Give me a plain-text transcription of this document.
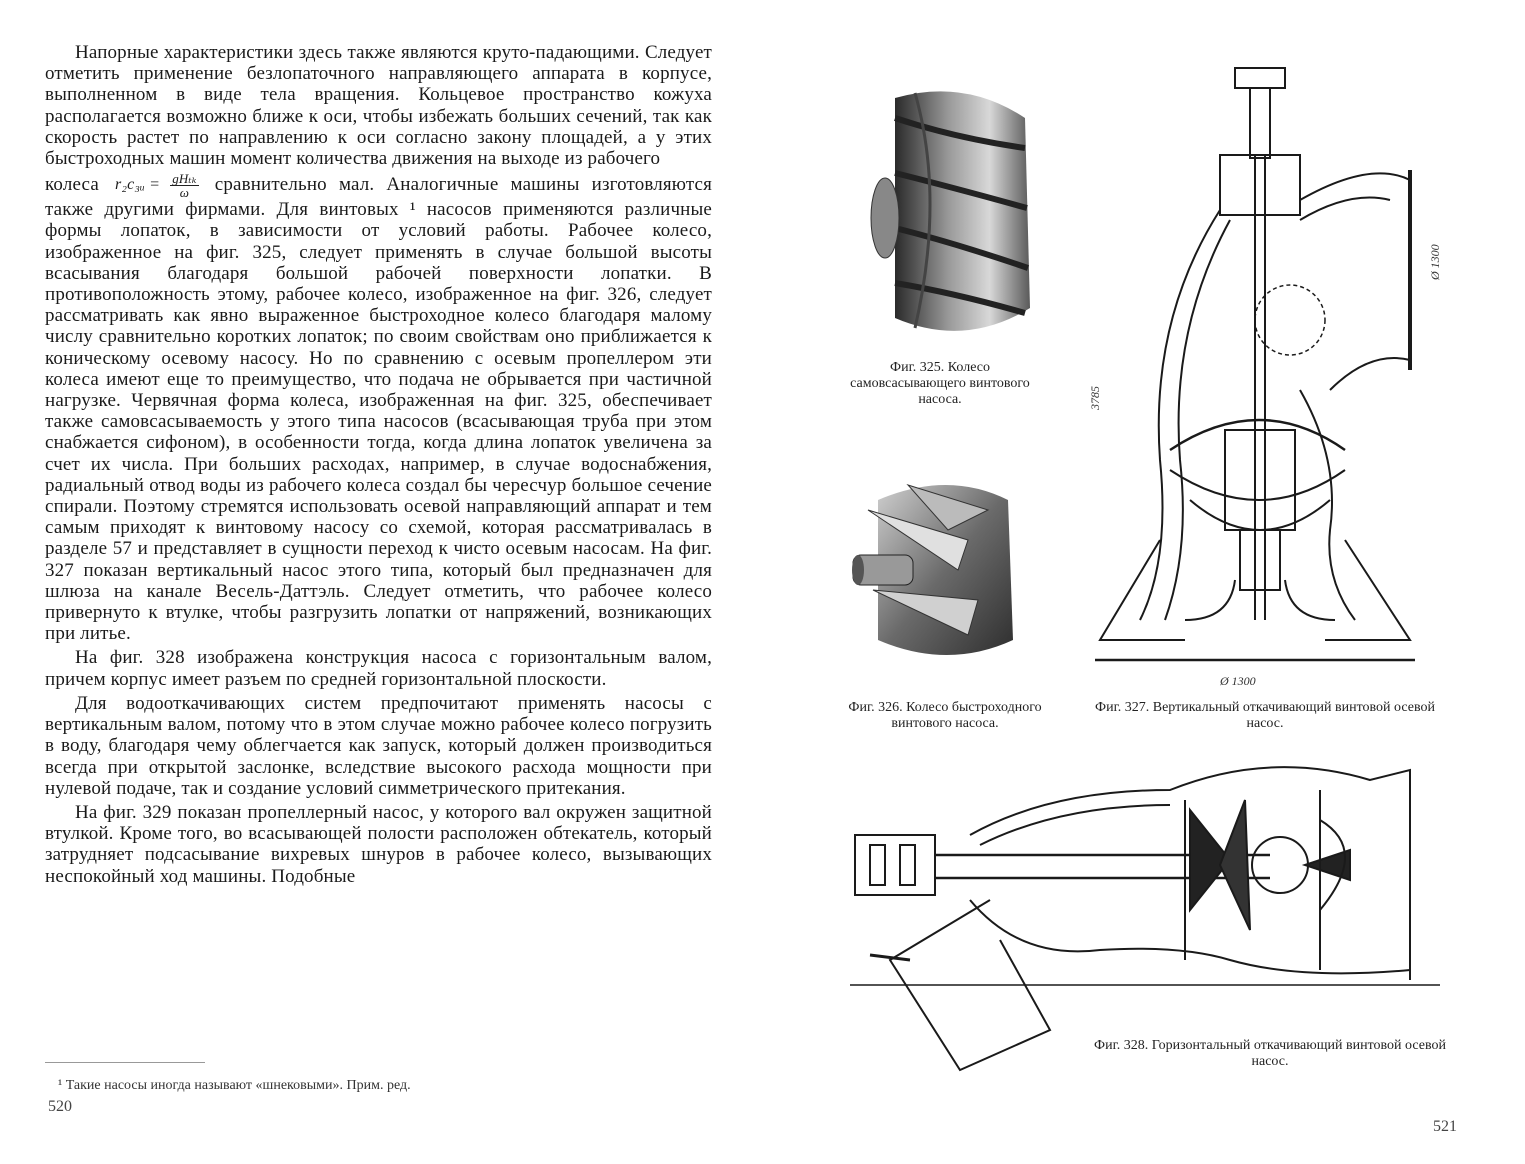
Напорные характеристики здесь также являются круто-падающими. Следует отметить применение безлопаточного направляющего аппарата в корпусе, выполненном в виде тела вращения. Кольцевое пространство кожуха располагается возможно ближе к оси, чтобы избежать больших сечений, так как скорость растет по направлению к оси согласно закону площадей, а у этих быстроходных машин момент количества движения на выходе из рабочего

колеса r₂c₃ᵤ = $\frac{\text{gHₜₖ}}{\omega}$ сравнительно мал. Аналогичные машины изготовляются также другими фирмами. Для винтовых ¹ насосов применяются различные формы лопаток, в зависимости от условий работы. Рабочее колесо, изображенное на фиг. 325, следует применять в случае большой высоты всасывания благодаря большой рабочей поверхности лопатки. В противоположность этому, рабочее колесо, изображенное на фиг. 326, следует рассматривать как явно выраженное быстроходное колесо благодаря малому числу сравнительно коротких лопаток; по своим свойствам оно приближается к коническому осевому насосу. Но по сравнению с осевым пропеллером эти колеса имеют еще то преимущество, что подача не обрывается при частичной нагрузке. Червячная форма колеса, изображенная на фиг. 325, обеспечивает также самовсасываемость у этого типа насосов (всасывающая труба при этом снабжается сифоном), в особенности тогда, когда длина лопаток увеличена за счет их числа. При больших расходах, например, в случае водоснабжения, радиальный отвод воды из рабочего колеса создал бы чересчур большое сечение спирали. Поэтому стремятся использовать осевой направляющий аппарат и тем самым приходят к винтовому насосу со схемой, которая рассматривалась в разделе 57 и представляет в сущности переход к чисто осевым насосам. На фиг. 327 показан вертикальный насос этого типа, который был предназначен для шлюза на канале Весель-Даттэль. Следует отметить, что рабочее колесо привернуто к втулке, чтобы разгрузить лопатки от напряжений, возникающих при литье.

На фиг. 328 изображена конструкция насоса с горизонтальным валом, причем корпус имеет разъем по средней горизонтальной плоскости.

Для водооткачивающих систем предпочитают применять насосы с вертикальным валом, потому что в этом случае можно рабочее колесо погрузить в воду, благодаря чему облегчается как запуск, который должен производиться всегда при открытой заслонке, вследствие высокого расхода мощности при нулевой подаче, так и создание условий симметрического притекания.

На фиг. 329 показан пропеллерный насос, у которого вал окружен защитной втулкой. Кроме того, во всасывающей полости расположен обтекатель, который затрудняет подсасывание вихревых шнуров в рабочее колесо, вызывающих неспокойный ход машины. Подобные

¹ Такие насосы иногда называют «шнековыми». Прим. ред.
520
Фиг. 325. Колесо самовсасывающего винтового насоса.
Фиг. 326. Колесо быстроходного винтового насоса.
3785
Ø 1300
Ø 1300
Фиг. 327. Вертикальный откачивающий винтовой осевой насос.
Фиг. 328. Горизонтальный откачивающий винтовой осевой насос.
521
